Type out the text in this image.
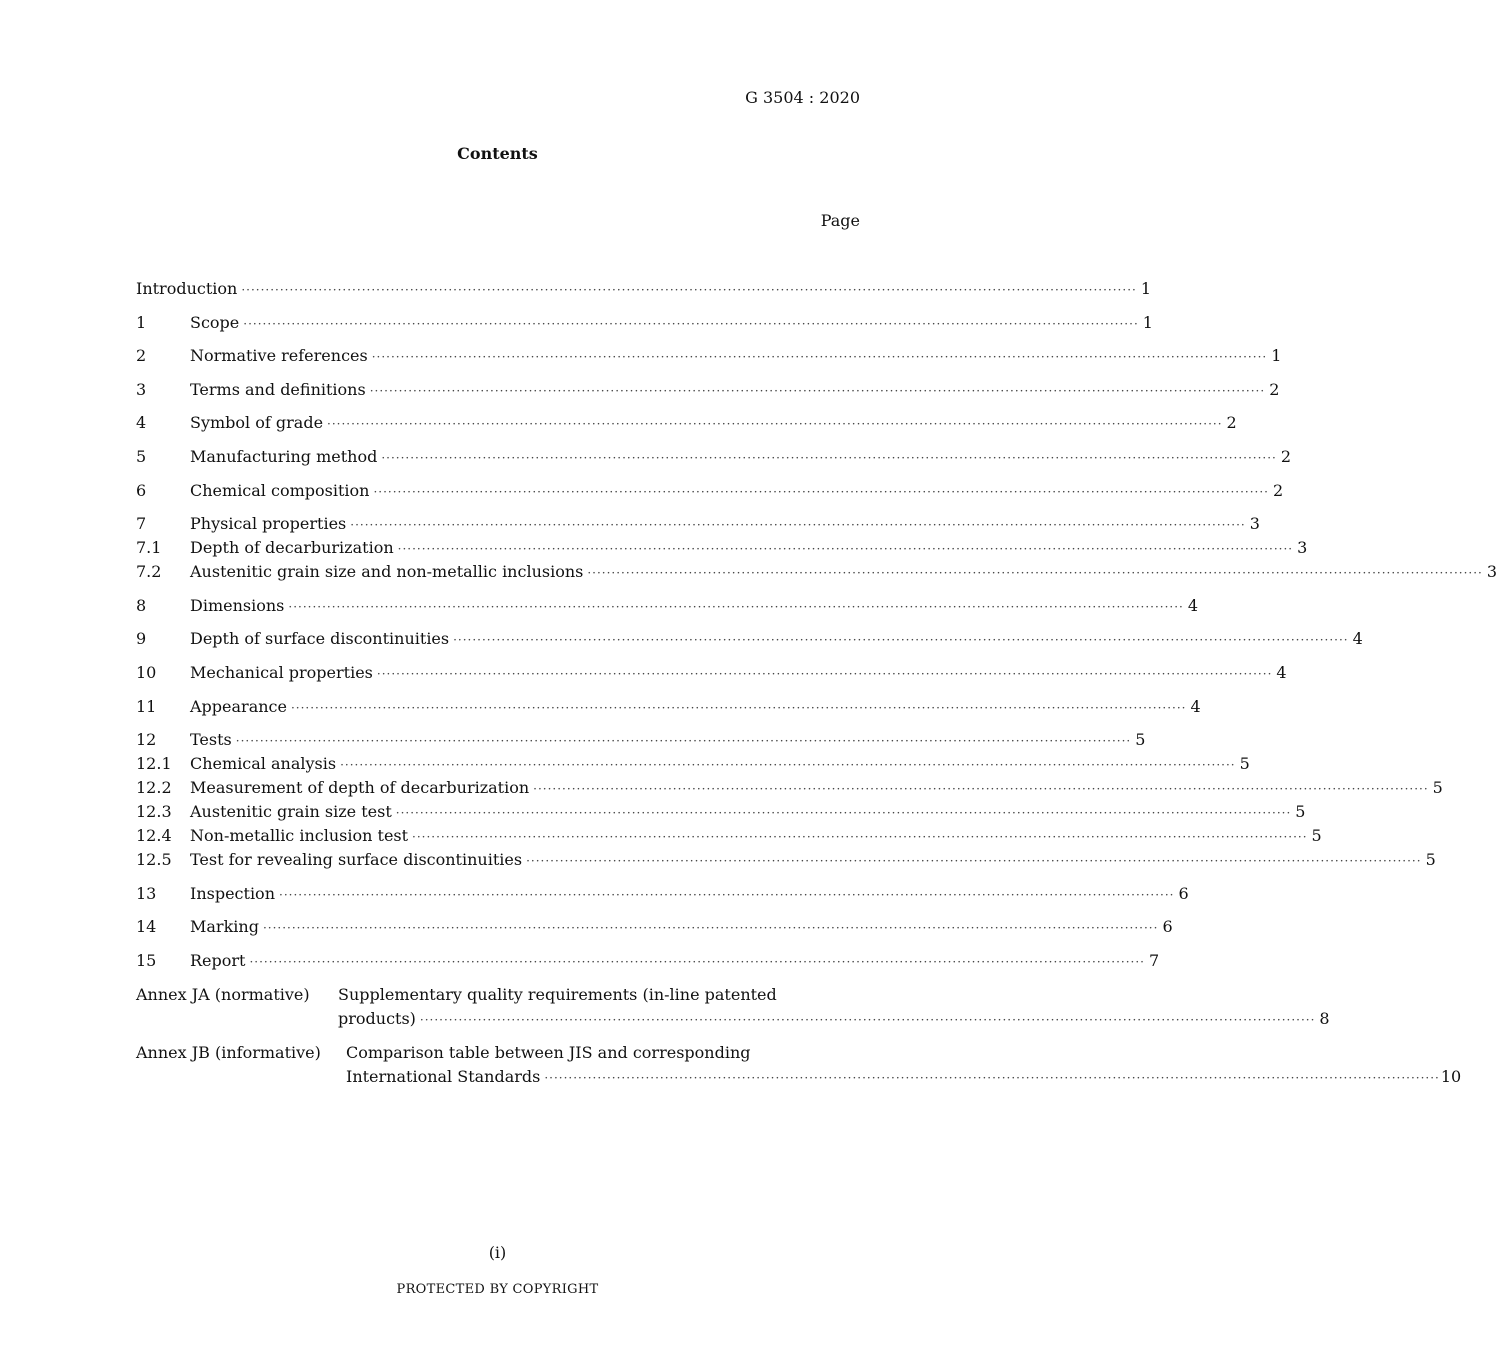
G 3504 : 2020
Contents
Page
Introduction ·····	1
1	Scope ·····	1
2	Normative references ·····	1
3	Terms and definitions ·····	2
4	Symbol of grade ·····	2
5	Manufacturing method ·····	2
6	Chemical composition ·····	2
7	Physical properties ·····	3
7.1	Depth of decarburization ·····	3
7.2	Austenitic grain size and non-metallic inclusions ·····	3
8	Dimensions ·····	4
9	Depth of surface discontinuities ·····	4
10	Mechanical properties ·····	4
11	Appearance ·····	4
12	Tests ·····	5
12.1	Chemical analysis ·····	5
12.2	Measurement of depth of decarburization ·····	5
12.3	Austenitic grain size test ·····	5
12.4	Non-metallic inclusion test ·····	5
12.5	Test for revealing surface discontinuities ·····	5
13	Inspection ·····	6
14	Marking ·····	6
15	Report ·····	7
Annex JA (normative)	Supplementary quality requirements (in-line patented
products) ·····	8
Annex JB (informative)	Comparison table between JIS and corresponding
International Standards ·····	10
(i)
PROTECTED BY COPYRIGHT
